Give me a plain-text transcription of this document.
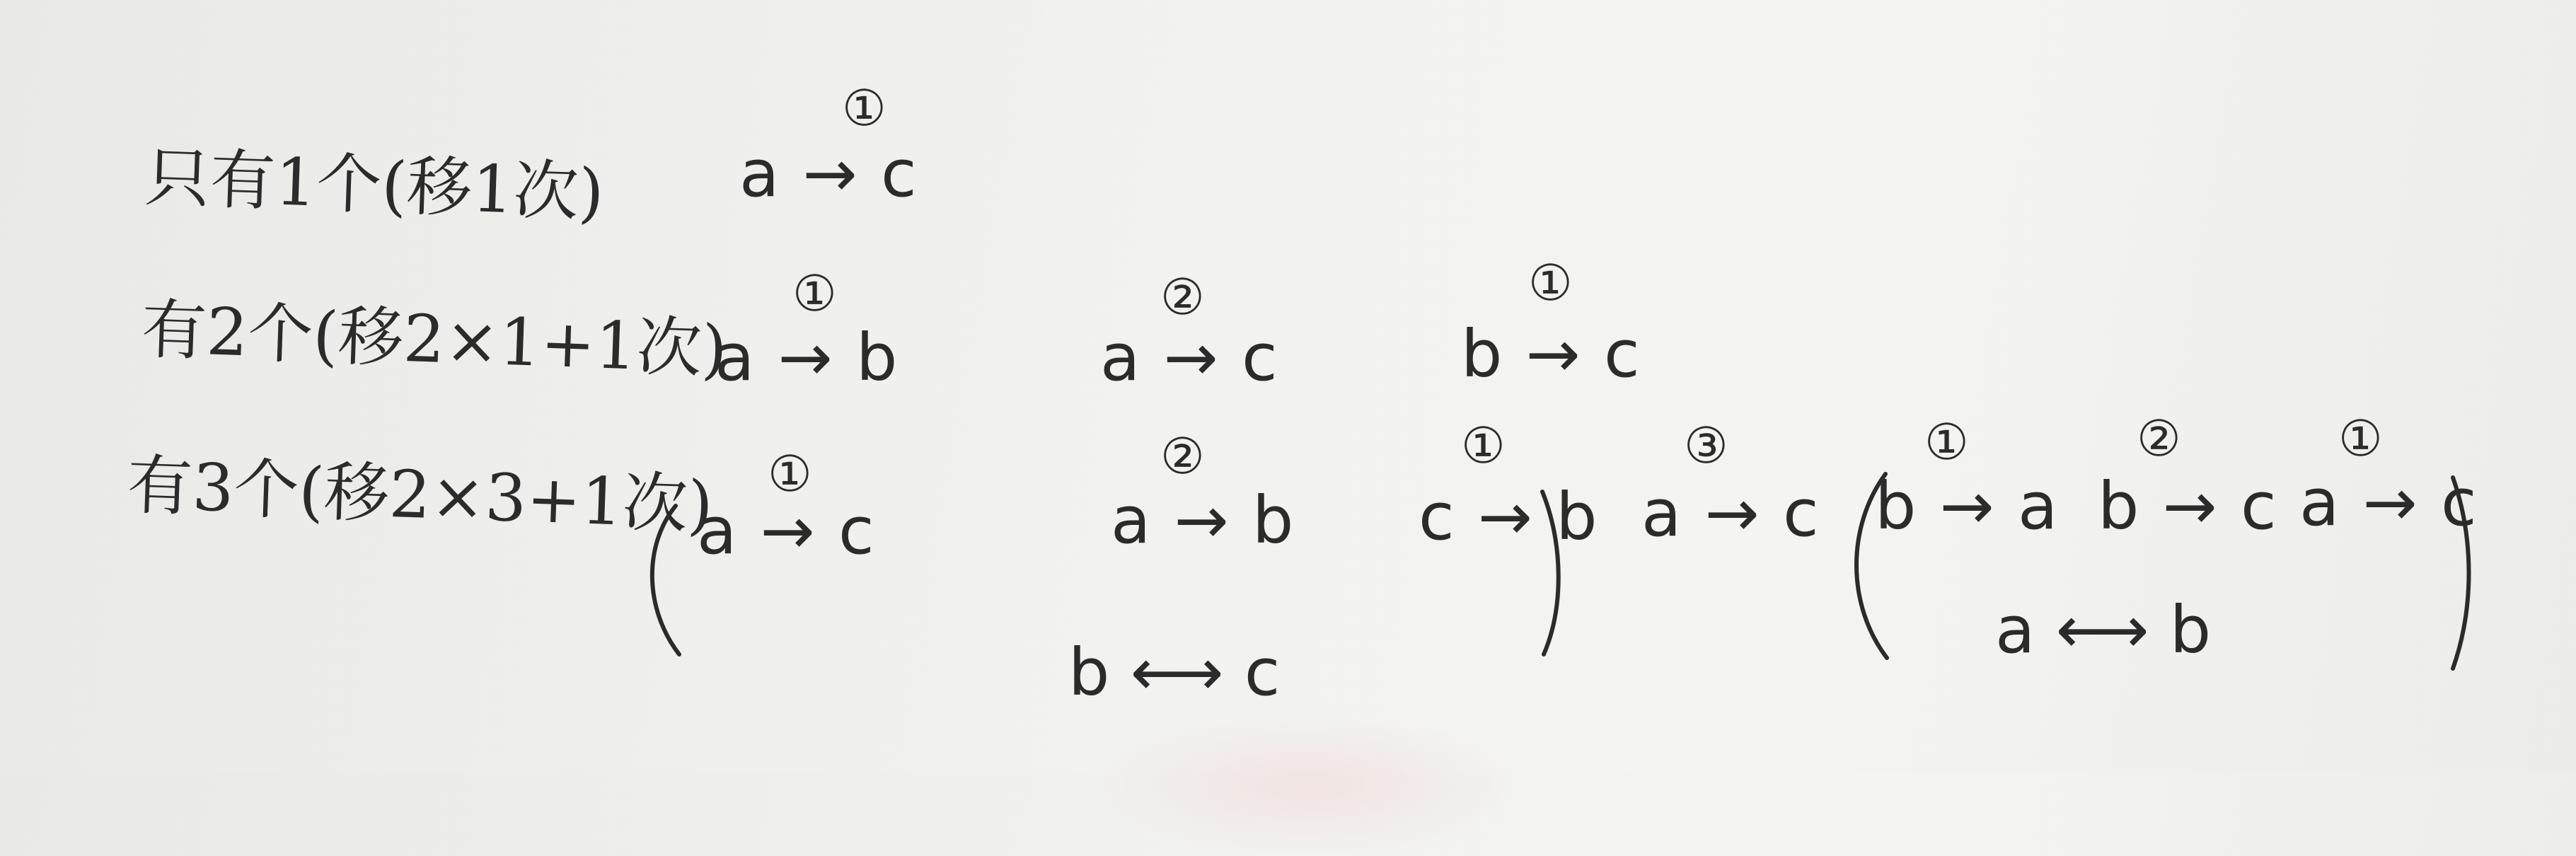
只有1个(移1次)
①
a → c
有2个(移2×1+1次) ①
a → b
②
a → c
①
b → c
有3个(移2×3+1次) ①
a → c
②
a → b
b ⟷ c
①
c → b
③
a → c
①
b → a
②
b → c
①
a → c
a ⟷ b
